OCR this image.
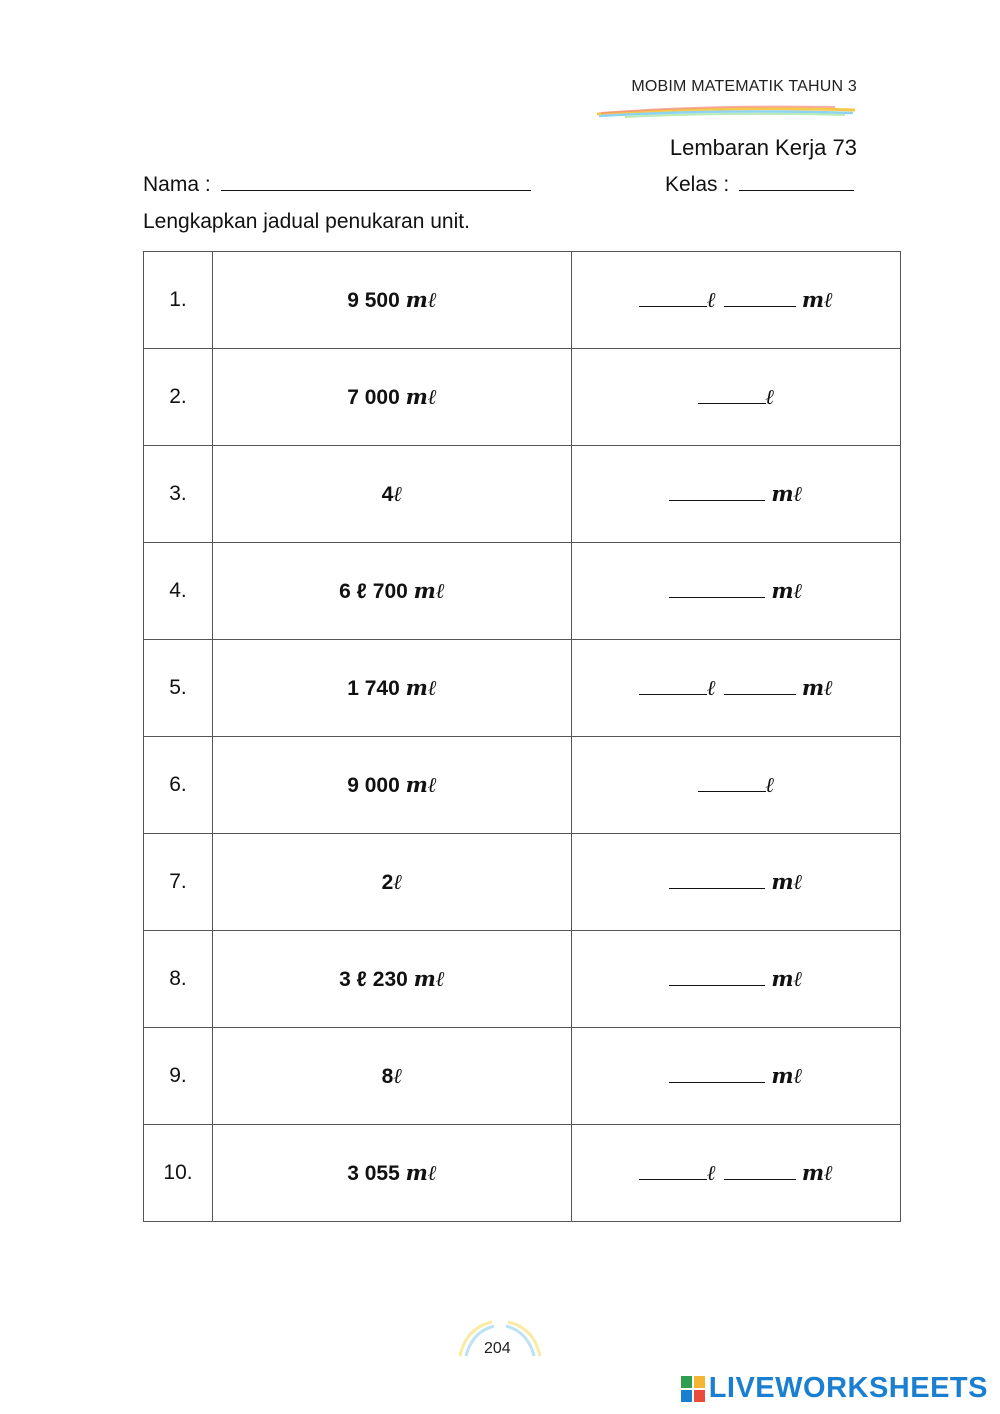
MOBIM MATEMATIK TAHUN 3
Lembaran Kerja 73
Nama :	Kelas :
Lengkapkan jadual penukaran unit.
1.	9 500 mℓ	ℓ mℓ
2.	7 000 mℓ	ℓ
3.	4ℓ	mℓ
4.	6 ℓ 700 mℓ	mℓ
5.	1 740 mℓ	ℓ mℓ
6.	9 000 mℓ	ℓ
7.	2ℓ	mℓ
8.	3 ℓ 230 mℓ	mℓ
9.	8ℓ	mℓ
10.	3 055 mℓ	ℓ mℓ
204
LIVEWORKSHEETS
